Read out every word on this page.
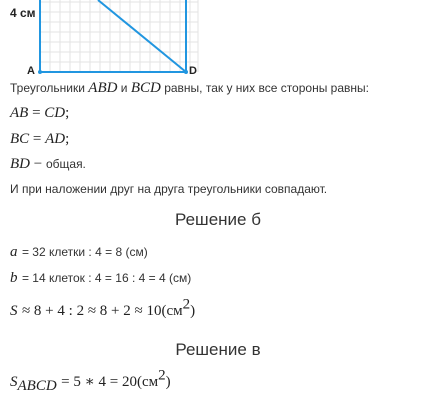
4 см
A	D
Треугольники ABD и BCD равны, так у них все стороны равны:
AB = CD;
BC = AD;
BD − общая.
И при наложении друг на друга треугольники совпадают.
Решение б
a = 32 клетки : 4 = 8 (см)
b = 14 клеток : 4 = 16 : 4 = 4 (см)
S ≈ 8 + 4 : $2 \approx 8 + 2 \approx 10(см^2)$
Решение в
$S_{ABCD} = 5$ ∗ $4 = 20(см^2)$
